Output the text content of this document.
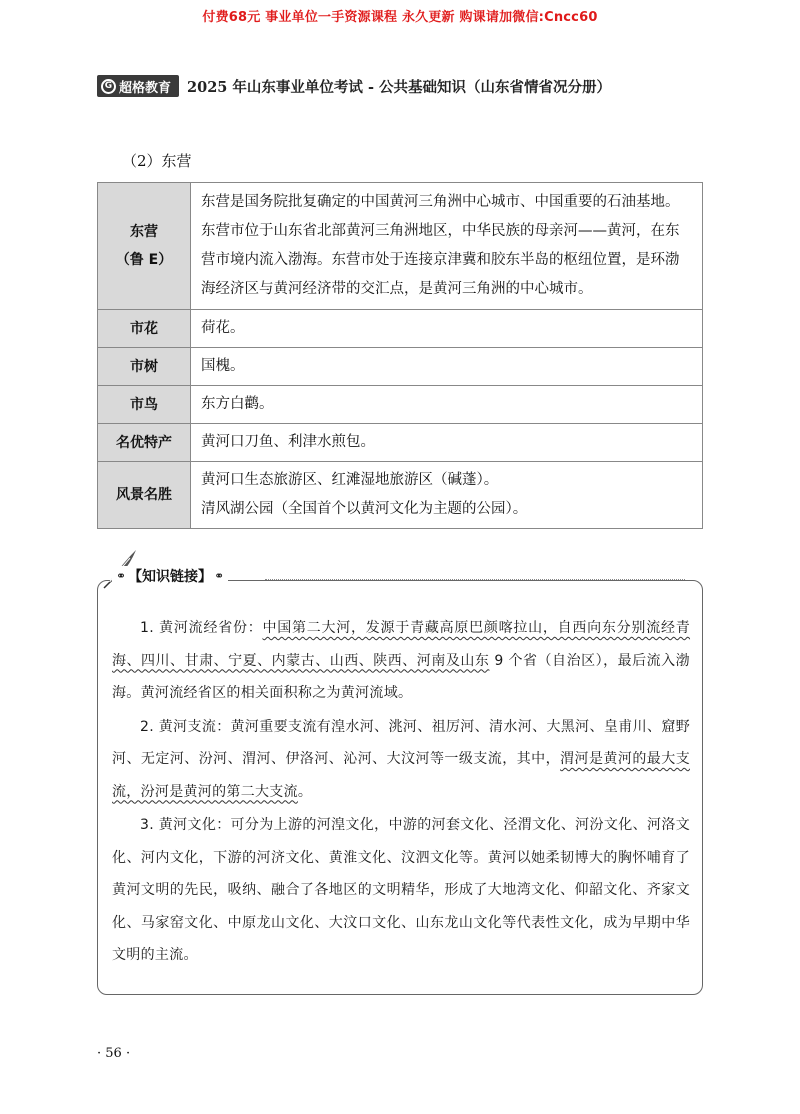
付费68元 事业单位一手资源课程 永久更新 购课请加微信:Cncc60
G 超格教育 2025 年山东事业单位考试 - 公共基础知识（山东省情省况分册）
（2）东营
东营
（鲁 E）	东营是国务院批复确定的中国黄河三角洲中心城市、中国重要的石油基地。
东营市位于山东省北部黄河三角洲地区，中华民族的母亲河——黄河，在东营市境内流入渤海。东营市处于连接京津冀和胶东半岛的枢纽位置，是环渤海经济区与黄河经济带的交汇点，是黄河三角洲的中心城市。

市花	荷花。
市树	国槐。
市鸟	东方白鹳。
名优特产	黄河口刀鱼、利津水煎包。
风景名胜	黄河口生态旅游区、红滩湿地旅游区（碱蓬）。
清风湖公园（全国首个以黄河文化为主题的公园）。
⚭ 【知识链接】 ⚭

1. 黄河流经省份：中国第二大河，发源于青藏高原巴颜喀拉山，自西向东分别流经青海、四川、甘肃、宁夏、内蒙古、山西、陕西、河南及山东 9 个省（自治区），最后流入渤海。黄河流经省区的相关面积称之为黄河流域。

2. 黄河支流：黄河重要支流有湟水河、洮河、祖厉河、清水河、大黑河、皇甫川、窟野河、无定河、汾河、渭河、伊洛河、沁河、大汶河等一级支流，其中，渭河是黄河的最大支流，汾河是黄河的第二大支流。

3. 黄河文化：可分为上游的河湟文化，中游的河套文化、泾渭文化、河汾文化、河洛文化、河内文化，下游的河济文化、黄淮文化、汶泗文化等。黄河以她柔韧博大的胸怀哺育了黄河文明的先民，吸纳、融合了各地区的文明精华，形成了大地湾文化、仰韶文化、齐家文化、马家窑文化、中原龙山文化、大汶口文化、山东龙山文化等代表性文化，成为早期中华文明的主流。

· 56 ·
